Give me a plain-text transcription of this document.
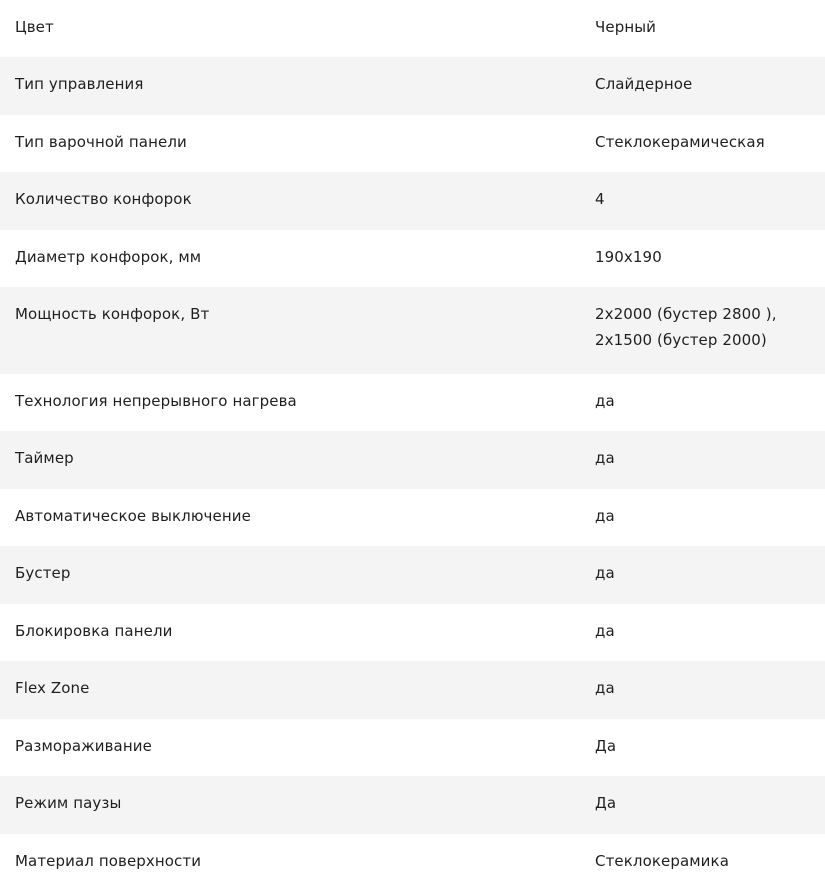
Цвет	Черный
Тип управления	Слайдерное
Тип варочной панели	Стеклокерамическая
Количество конфорок	4
Диаметр конфорок, мм	190х190
Мощность конфорок, Вт	2х2000 (бустер 2800 ),
2х1500 (бустер 2000)
Технология непрерывного нагрева	да
Таймер	да
Автоматическое выключение	да
Бустер	да
Блокировка панели	да
Flex Zone	да
Размораживание	Да
Режим паузы	Да
Материал поверхности	Стеклокерамика
